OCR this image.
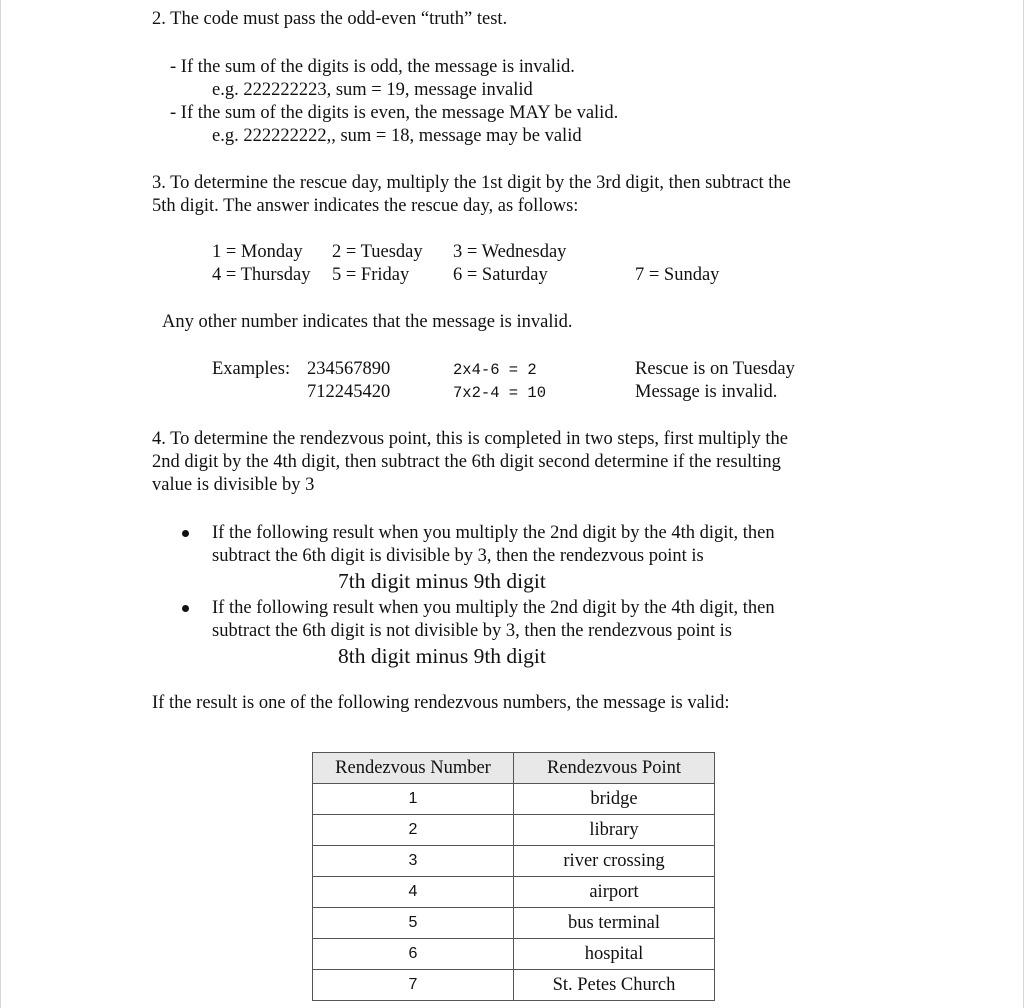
2. The code must pass the odd-even “truth” test.
- If the sum of the digits is odd, the message is invalid.
e.g. 222222223, sum = 19, message invalid
- If the sum of the digits is even, the message MAY be valid.
e.g. 222222222,, sum = 18, message may be valid
3. To determine the rescue day, multiply the 1st digit by the 3rd digit, then subtract the
5th digit. The answer indicates the rescue day, as follows:
1 = Monday 2 = Tuesday 3 = Wednesday
4 = Thursday 5 = Friday 6 = Saturday	7 = Sunday
Any other number indicates that the message is invalid.
Examples: 234567890	2x4-6 = 2	Rescue is on Tuesday
712245420	7x2-4 = 10	Message is invalid.
4. To determine the rendezvous point, this is completed in two steps, first multiply the
2nd digit by the 4th digit, then subtract the 6th digit second determine if the resulting
value is divisible by 3
If the following result when you multiply the 2nd digit by the 4th digit, then
subtract the 6th digit is divisible by 3, then the rendezvous point is
7th digit minus 9th digit
If the following result when you multiply the 2nd digit by the 4th digit, then
subtract the 6th digit is not divisible by 3, then the rendezvous point is
8th digit minus 9th digit
If the result is one of the following rendezvous numbers, the message is valid:
Rendezvous Number	Rendezvous Point
1	bridge
2	library
3	river crossing
4	airport
5	bus terminal
6	hospital
7	St. Petes Church
